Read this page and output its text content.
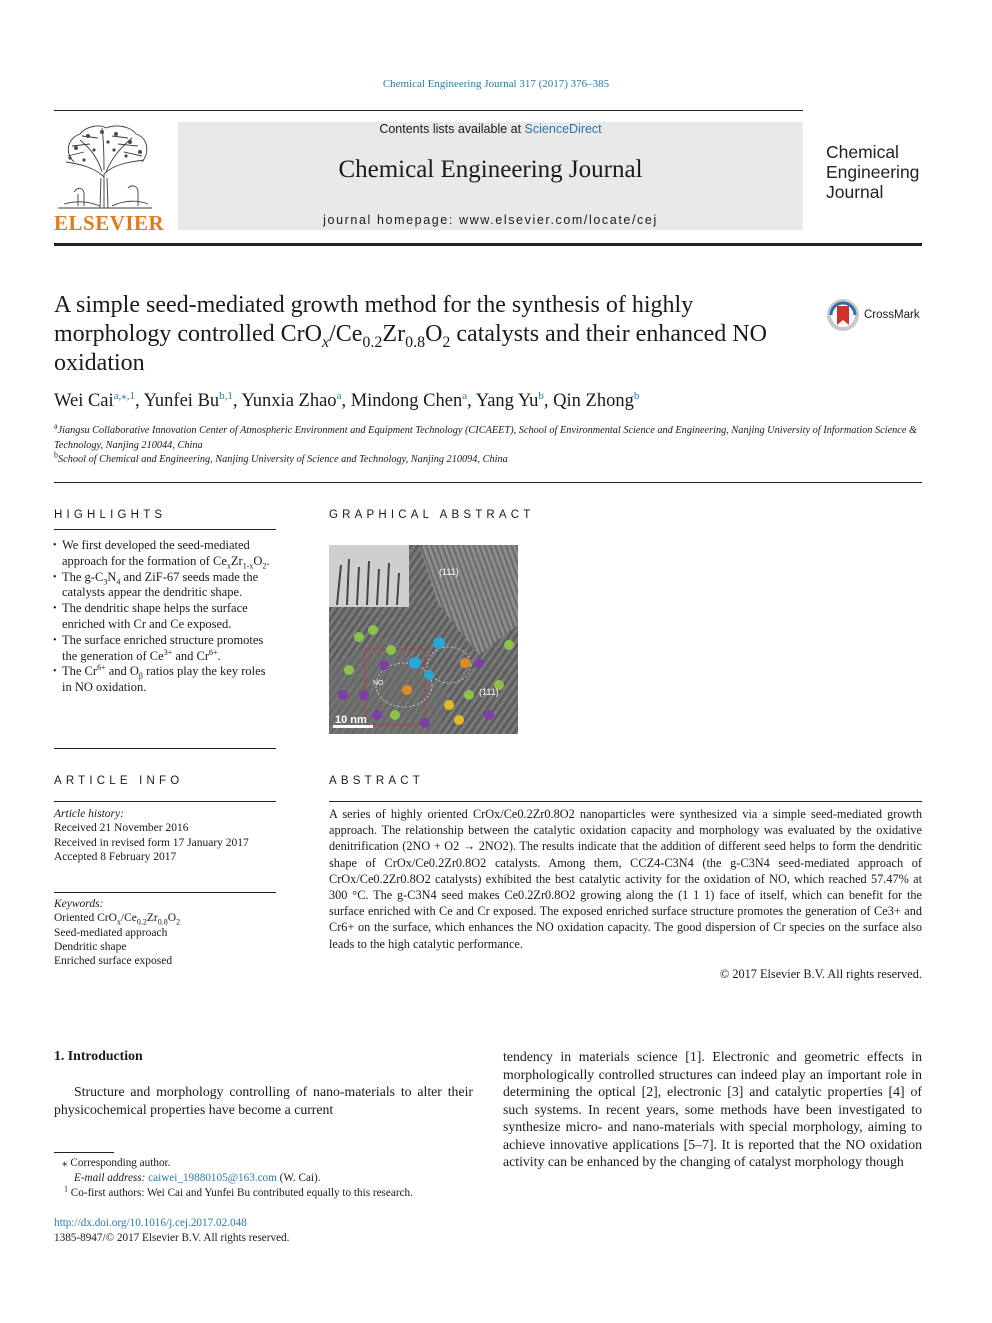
Chemical Engineering Journal 317 (2017) 376–385
ELSEVIER
Contents lists available at ScienceDirect
Chemical Engineering Journal
journal homepage: www.elsevier.com/locate/cej
Chemical
Engineering
Journal
A simple seed-mediated growth method for the synthesis of highly morphology controlled $CrO_x/Ce_{0.2}Zr_{0.8}O_2$ catalysts and their enhanced NO oxidation
CrossMark
Wei Cai$^{a,⁎,1}$, Yunfei Bu$^{b,1}$, Yunxia Zhao$^a$, Mindong Chen$^a$, Yang Yu$^b$, Qin Zhong$^b$
$^a$Jiangsu Collaborative Innovation Center of Atmospheric Environment and Equipment Technology (CICAEET), School of Environmental Science and Engineering, Nanjing University of Information Science & Technology, Nanjing 210044, China
$^b$School of Chemical and Engineering, Nanjing University of Science and Technology, Nanjing 210094, China
HIGHLIGHTS
• We first developed the seed-mediated approach for the formation of $Ce_xZr_{1-x}O_2$.
• The $g-C_3N_4$ and ZiF-67 seeds made the catalysts appear the dendritic shape.
• The dendritic shape helps the surface enriched with Cr and Ce exposed.
• The surface enriched structure promotes the generation of $Ce^{3+}$ and $Cr^{6+}$.
• The $Cr^{6+}$ and $O_\beta$ ratios play the key roles in NO oxidation.
GRAPHICAL ABSTRACT
(111)
(111)
NO
10 nm
ARTICLE INFO
Article history:
Received 21 November 2016
Received in revised form 17 January 2017
Accepted 8 February 2017
Keywords:
Oriented $CrO_x/Ce_{0.2}Zr_{0.8}O_2$
Seed-mediated approach
Dendritic shape
Enriched surface exposed
ABSTRACT
A series of highly oriented CrOx/Ce0.2Zr0.8O2 nanoparticles were synthesized via a simple seed-mediated growth approach. The relationship between the catalytic oxidation capacity and morphology was evaluated by the oxidative denitrification (2NO + O2 → 2NO2). The results indicate that the addition of different seed helps to form the dendritic shape of CrOx/Ce0.2Zr0.8O2 catalysts. Among them, CCZ4-C3N4 (the g-C3N4 seed-mediated approach of CrOx/Ce0.2Zr0.8O2 catalysts) exhibited the best catalytic activity for the oxidation of NO, which reached 57.47% at 300 °C. The g-C3N4 seed makes Ce0.2Zr0.8O2 growing along the (1 1 1) face of itself, which can benefit for the surface enriched with Ce and Cr exposed. The exposed enriched surface structure promotes the generation of Ce3+ and Cr6+ on the surface, which enhances the NO oxidation capacity. The good dispersion of Cr species on the surface also leads to the high catalytic performance.
© 2017 Elsevier B.V. All rights reserved.
1. Introduction
Structure and morphology controlling of nano-materials to alter their physicochemical properties have become a current
tendency in materials science [1]. Electronic and geometric effects in morphologically controlled structures can indeed play an important role in determining the optical [2], electronic [3] and catalytic properties [4] of such systems. In recent years, some methods have been investigated to synthesize micro- and nano-materials with special morphology, aiming to achieve innovative applications [5–7]. It is reported that the NO oxidation activity can be enhanced by the changing of catalyst morphology though
⁎ Corresponding author.
E-mail address: caiwei_19880105@163.com (W. Cai).
$^1$ Co-first authors: Wei Cai and Yunfei Bu contributed equally to this research.
http://dx.doi.org/10.1016/j.cej.2017.02.048
1385-8947/© 2017 Elsevier B.V. All rights reserved.
